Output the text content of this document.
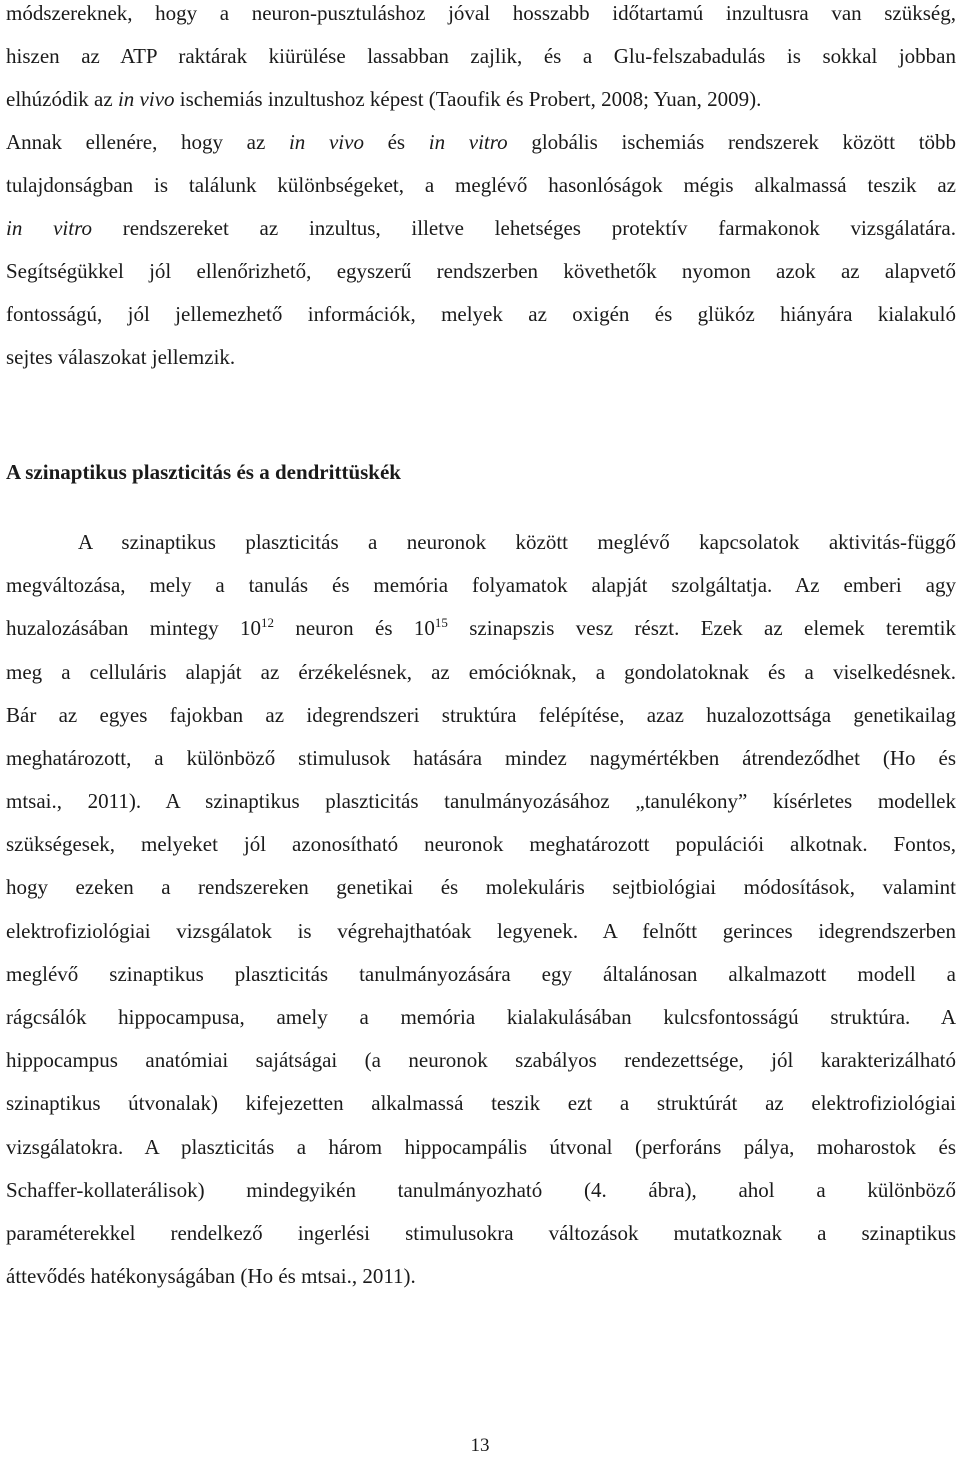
módszereknek, hogy a neuron-pusztuláshoz jóval hosszabb időtartamú inzultusra van szükség,
hiszen az ATP raktárak kiürülése lassabban zajlik, és a Glu-felszabadulás is sokkal jobban
elhúzódik az in vivo ischemiás inzultushoz képest (Taoufik és Probert, 2008; Yuan, 2009).
Annak ellenére, hogy az in vivo és in vitro globális ischemiás rendszerek között több
tulajdonságban is találunk különbségeket, a meglévő hasonlóságok mégis alkalmassá teszik az
in vitro rendszereket az inzultus, illetve lehetséges protektív farmakonok vizsgálatára.
Segítségükkel jól ellenőrizhető, egyszerű rendszerben követhetők nyomon azok az alapvető
fontosságú, jól jellemezhető információk, melyek az oxigén és glükóz hiányára kialakuló
sejtes válaszokat jellemzik.
A szinaptikus plaszticitás és a dendrittüskék
A szinaptikus plaszticitás a neuronok között meglévő kapcsolatok aktivitás-függő
megváltozása, mely a tanulás és memória folyamatok alapját szolgáltatja. Az emberi agy
huzalozásában mintegy $10^{12}$ neuron és $10^{15}$ szinapszis vesz részt. Ezek az elemek teremtik
meg a celluláris alapját az érzékelésnek, az emócióknak, a gondolatoknak és a viselkedésnek.
Bár az egyes fajokban az idegrendszeri struktúra felépítése, azaz huzalozottsága genetikailag
meghatározott, a különböző stimulusok hatására mindez nagymértékben átrendeződhet (Ho és
mtsai., 2011). A szinaptikus plaszticitás tanulmányozásához „tanulékony” kísérletes modellek
szükségesek, melyeket jól azonosítható neuronok meghatározott populációi alkotnak. Fontos,
hogy ezeken a rendszereken genetikai és molekuláris sejtbiológiai módosítások, valamint
elektrofiziológiai vizsgálatok is végrehajthatóak legyenek. A felnőtt gerinces idegrendszerben
meglévő szinaptikus plaszticitás tanulmányozására egy általánosan alkalmazott modell a
rágcsálók hippocampusa, amely a memória kialakulásában kulcsfontosságú struktúra. A
hippocampus anatómiai sajátságai (a neuronok szabályos rendezettsége, jól karakterizálható
szinaptikus útvonalak) kifejezetten alkalmassá teszik ezt a struktúrát az elektrofiziológiai
vizsgálatokra. A plaszticitás a három hippocampális útvonal (perforáns pálya, moharostok és
Schaffer-kollaterálisok) mindegyikén tanulmányozható (4. ábra), ahol a különböző
paraméterekkel rendelkező ingerlési stimulusokra változások mutatkoznak a szinaptikus
áttevődés hatékonyságában (Ho és mtsai., 2011).
13
